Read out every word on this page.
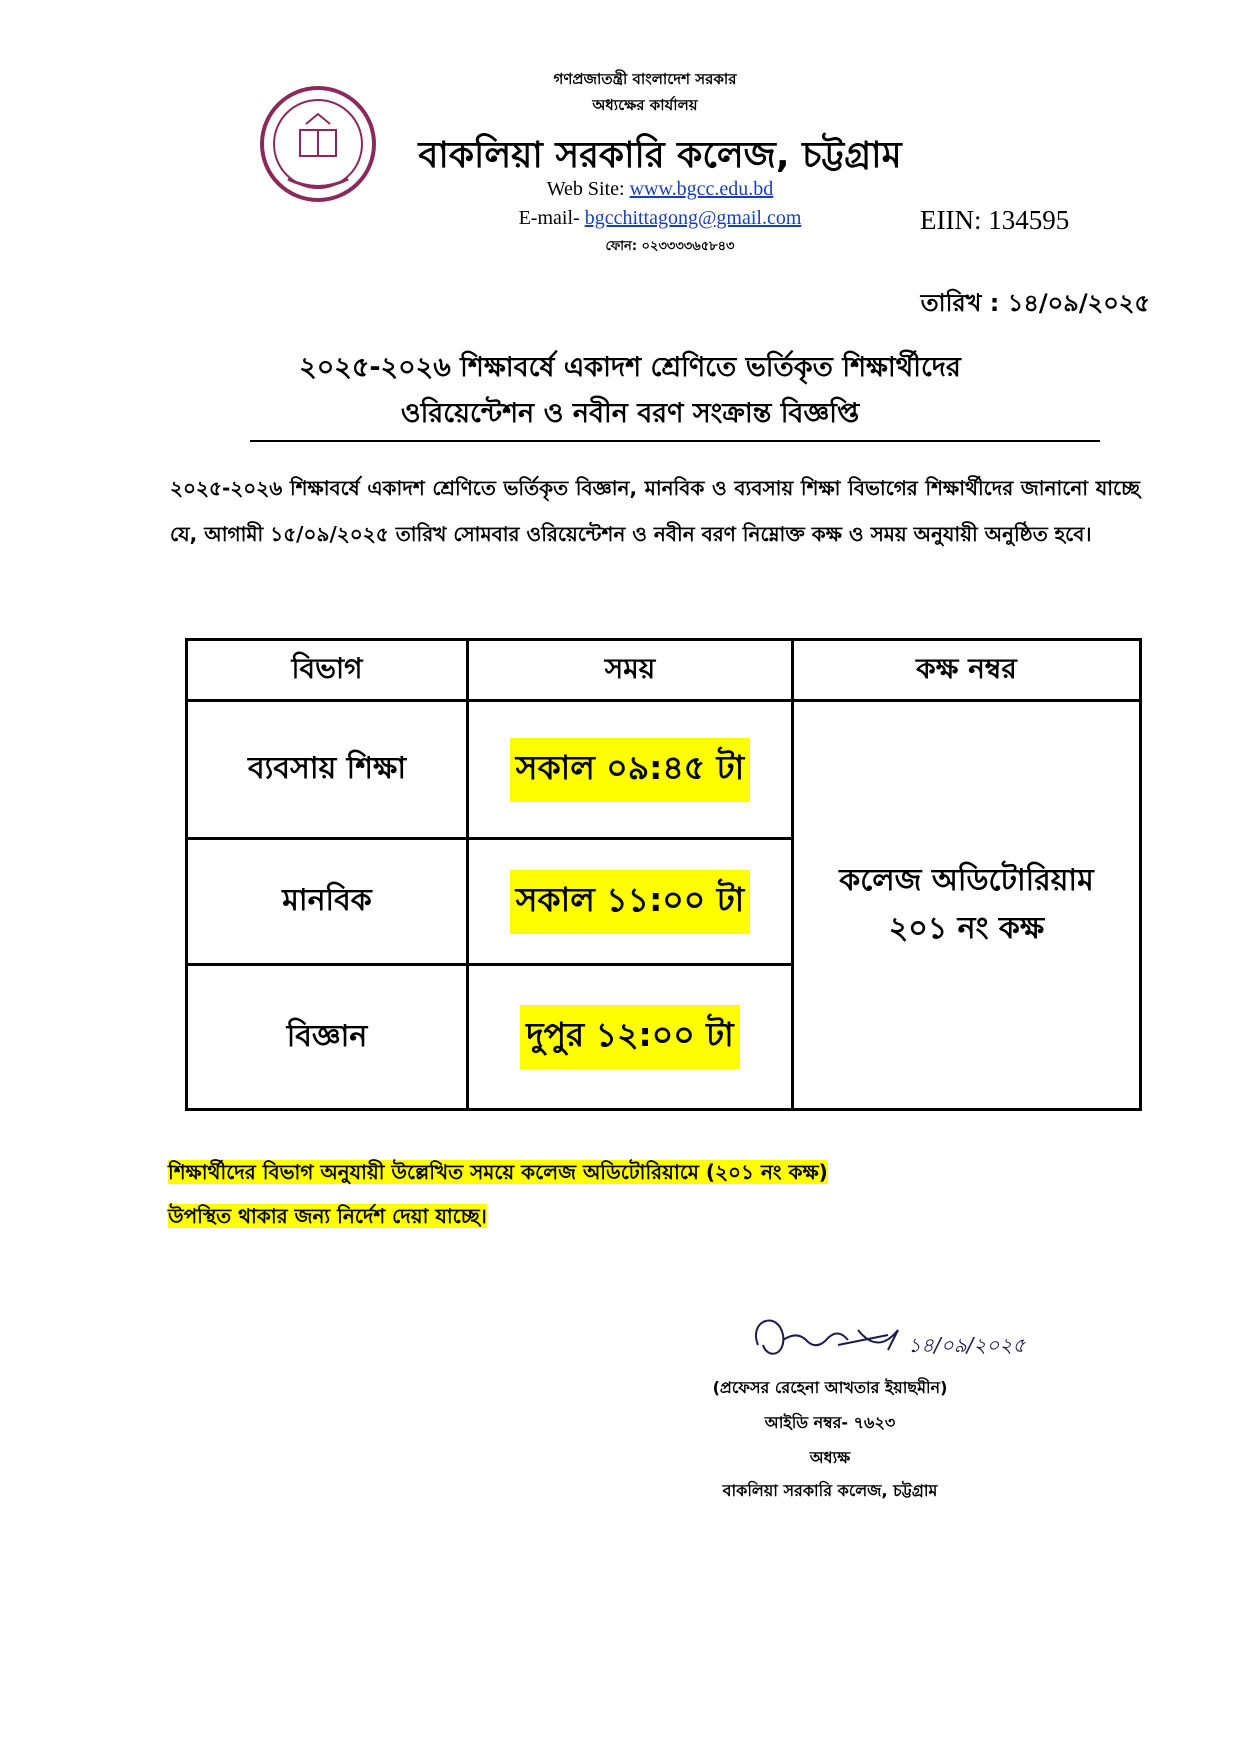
গণপ্রজাতন্ত্রী বাংলাদেশ সরকার
অধ্যক্ষের কার্যালয়
বাকলিয়া সরকারি কলেজ, চট্টগ্রাম
Web Site: www.bgcc.edu.bd
E-mail- bgcchittagong@gmail.com	EIIN: 134595
ফোন: ০২৩৩৩৩৬৫৮৪৩
তারিখ : ১৪/০৯/২০২৫
২০২৫-২০২৬ শিক্ষাবর্ষে একাদশ শ্রেণিতে ভর্তিকৃত শিক্ষার্থীদের
ওরিয়েন্টেশন ও নবীন বরণ সংক্রান্ত বিজ্ঞপ্তি
২০২৫-২০২৬ শিক্ষাবর্ষে একাদশ শ্রেণিতে ভর্তিকৃত বিজ্ঞান, মানবিক ও ব্যবসায় শিক্ষা বিভাগের শিক্ষার্থীদের জানানো যাচ্ছে যে, আগামী ১৫/০৯/২০২৫ তারিখ সোমবার ওরিয়েন্টেশন ও নবীন বরণ নিম্নোক্ত কক্ষ ও সময় অনুযায়ী অনুষ্ঠিত হবে।
বিভাগ	সময়	কক্ষ নম্বর
ব্যবসায় শিক্ষা	সকাল ০৯:৪৫ টা	কলেজ অডিটোরিয়াম
২০১ নং কক্ষ

মানবিক	সকাল ১১:০০ টা	
বিজ্ঞান	দুপুর ১২:০০ টা	
শিক্ষার্থীদের বিভাগ অনুযায়ী উল্লেখিত সময়ে কলেজ অডিটোরিয়ামে (২০১ নং কক্ষ)
উপস্থিত থাকার জন্য নির্দেশ দেয়া যাচ্ছে।
১৪/০৯/২০২৫
(প্রফেসর রেহেনা আখতার ইয়াছমীন)
আইডি নম্বর- ৭৬২৩
অধ্যক্ষ
বাকলিয়া সরকারি কলেজ, চট্টগ্রাম
